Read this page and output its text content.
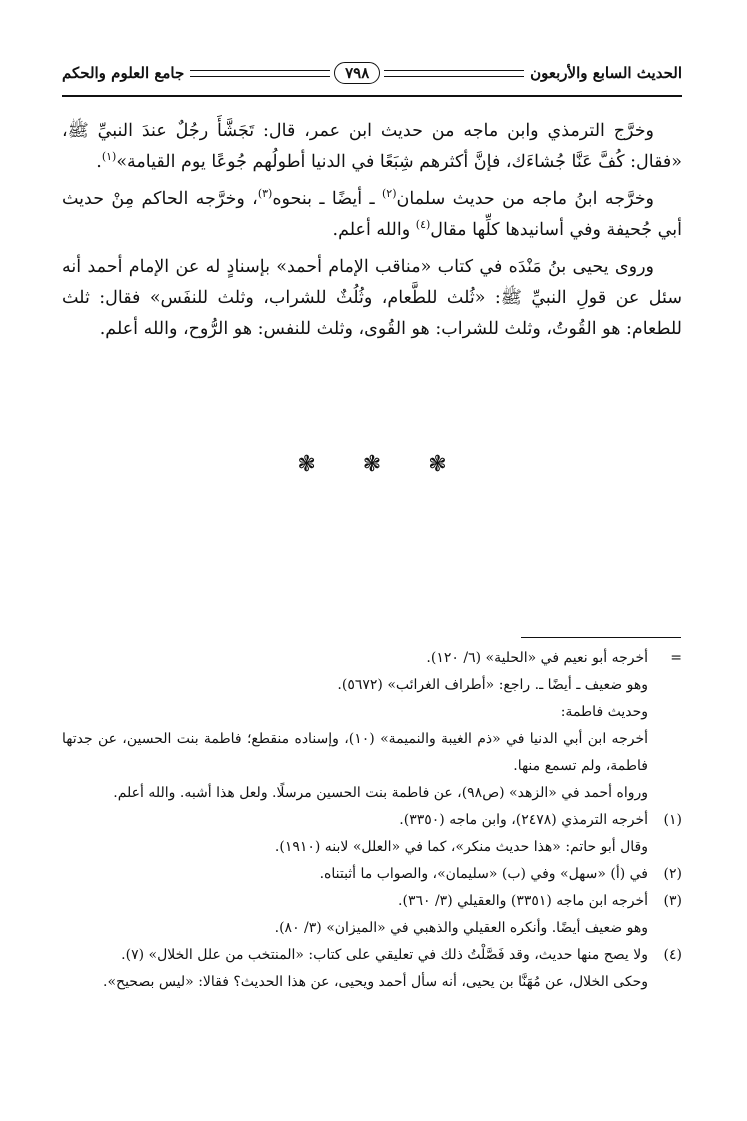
الحديث السابع والأربعون
٧٩٨
جامع العلوم والحكم

وخرَّج الترمذي وابن ماجه من حديث ابن عمر، قال: تَجَشَّأَ رجُلٌ عندَ النبيِّ ﷺ، «فقال: كُفَّ عَنَّا جُشاءَك، فإنَّ أكثرهم شِبَعًا في الدنيا أطولُهم جُوعًا يوم القيامة»$^{(١)}$.

وخرَّجه ابنُ ماجه من حديث سلمان$^{(٢)}$ ـ أيضًا ـ بنحوه$^{(٣)}$، وخرَّجه الحاكم مِنْ حديث أبي جُحيفة وفي أسانيدها كلِّها مقال$^{(٤)}$ والله أعلم.

وروى يحيى بنُ مَنْدَه في كتاب «مناقب الإمام أحمد» بإسنادٍ له عن الإمام أحمد أنه سئل عن قولِ النبيِّ ﷺ: «ثُلث للطَّعام، وثُلُثٌ للشراب، وثلث للنفَس» فقال: ثلث للطعام: هو القُوتُ، وثلث للشراب: هو القُوى، وثلث للنفس: هو الرُّوح، والله أعلم.

❃ ❃ ❃
=
أخرجه أبو نعيم في «الحلية» (٦/ ١٢٠).
وهو ضعيف ـ أيضًا ـ. راجع: «أطراف الغرائب» (٥٦٧٢).
وحديث فاطمة:
أخرجه ابن أبي الدنيا في «ذم الغيبة والنميمة» (١٠)، وإسناده منقطع؛ فاطمة بنت الحسين، عن جدتها فاطمة، ولم تسمع منها.
ورواه أحمد في «الزهد» (ص٩٨)، عن فاطمة بنت الحسين مرسلًا. ولعل هذا أشبه. والله أعلم.
(١)
أخرجه الترمذي (٢٤٧٨)، وابن ماجه (٣٣٥٠).
وقال أبو حاتم: «هذا حديث منكر»، كما في «العلل» لابنه (١٩١٠).
(٢)
في (أ) «سهل» وفي (ب) «سليمان»، والصواب ما أثبتناه.
(٣)
أخرجه ابن ماجه (٣٣٥١) والعقيلي (٣/ ٣٦٠).
وهو ضعيف أيضًا. وأنكره العقيلي والذهبي في «الميزان» (٣/ ٨٠).
(٤)
ولا يصح منها حديث، وقد فَصَّلْتُ ذلك في تعليقي على كتاب: «المنتخب من علل الخلال» (٧).
وحكى الخلال، عن مُهَنَّا بن يحيى، أنه سأل أحمد ويحيى، عن هذا الحديث؟ فقالا: «ليس بصحيح».
